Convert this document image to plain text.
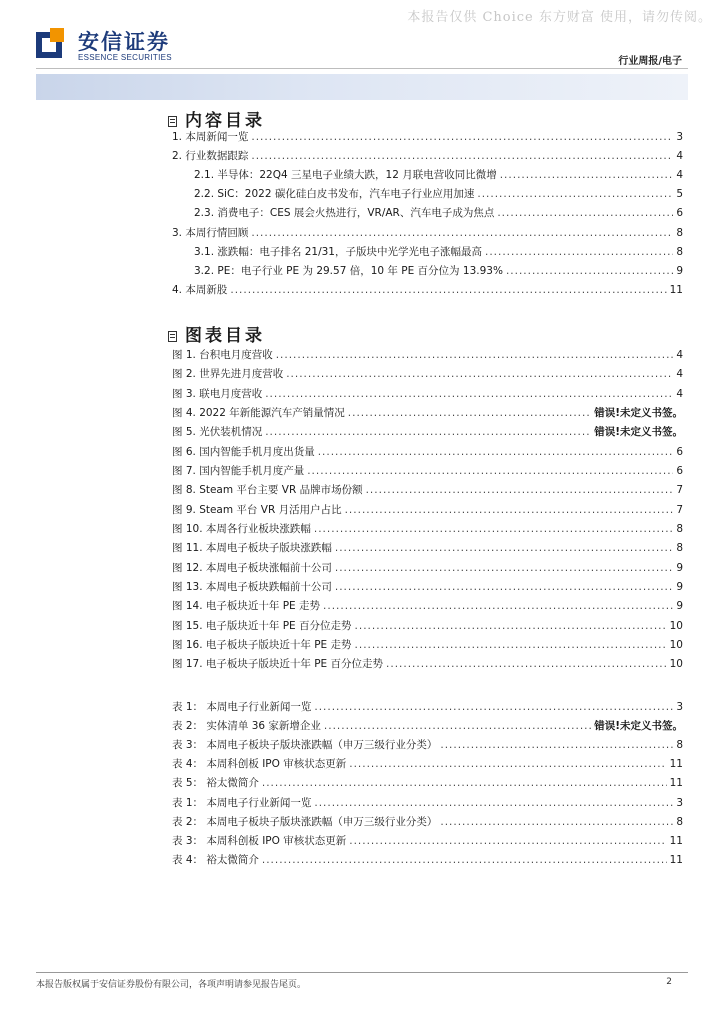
本报告仅供 Choice 东方财富 使用，请勿传阅。
安信证券
ESSENCE SECURITIES	行业周报/电子
内容目录
图表目录
1. 本周新闻一览 .....	3
2. 行业数据跟踪 .....	4
2.1. 半导体：22Q4 三星电子业绩大跌，12 月联电营收同比微增 .....	4
2.2. SiC：2022 碳化硅白皮书发布，汽车电子行业应用加速 .....	5
2.3. 消费电子：CES 展会火热进行，VR/AR、汽车电子成为焦点 .....	6
3. 本周行情回顾 .....	8
3.1. 涨跌幅：电子排名 21/31，子版块中光学光电子涨幅最高 .....	8
3.2. PE：电子行业 PE 为 29.57 倍，10 年 PE 百分位为 13.93% .....	9
4. 本周新股 .....	11
图 1. 台积电月度营收 .....	4
图 2. 世界先进月度营收 .....	4
图 3. 联电月度营收 .....	4
图 4. 2022 年新能源汽车产销量情况 .....	错误!未定义书签。
图 5. 光伏装机情况 .....	错误!未定义书签。
图 6. 国内智能手机月度出货量 .....	6
图 7. 国内智能手机月度产量 .....	6
图 8. Steam 平台主要 VR 品牌市场份额 .....	7
图 9. Steam 平台 VR 月活用户占比 .....	7
图 10. 本周各行业板块涨跌幅 .....	8
图 11. 本周电子板块子版块涨跌幅 .....	8
图 12. 本周电子板块涨幅前十公司 .....	9
图 13. 本周电子板块跌幅前十公司 .....	9
图 14. 电子板块近十年 PE 走势 .....	9
图 15. 电子版块近十年 PE 百分位走势 .....	10
图 16. 电子板块子版块近十年 PE 走势 .....	10
图 17. 电子板块子版块近十年 PE 百分位走势 .....	10
表 1： 本周电子行业新闻一览 .....	3
表 2： 实体清单 36 家新增企业 .....	错误!未定义书签。
表 3： 本周电子板块子版块涨跌幅（申万三级行业分类） .....	8
表 4： 本周科创板 IPO 审核状态更新 .....	11
表 5： 裕太微简介 .....	11
表 1： 本周电子行业新闻一览 .....	3
表 2： 本周电子板块子版块涨跌幅（申万三级行业分类） .....	8
表 3： 本周科创板 IPO 审核状态更新 .....	11
表 4： 裕太微简介 .....	11
本报告版权属于安信证券股份有限公司，各项声明请参见报告尾页。	2
